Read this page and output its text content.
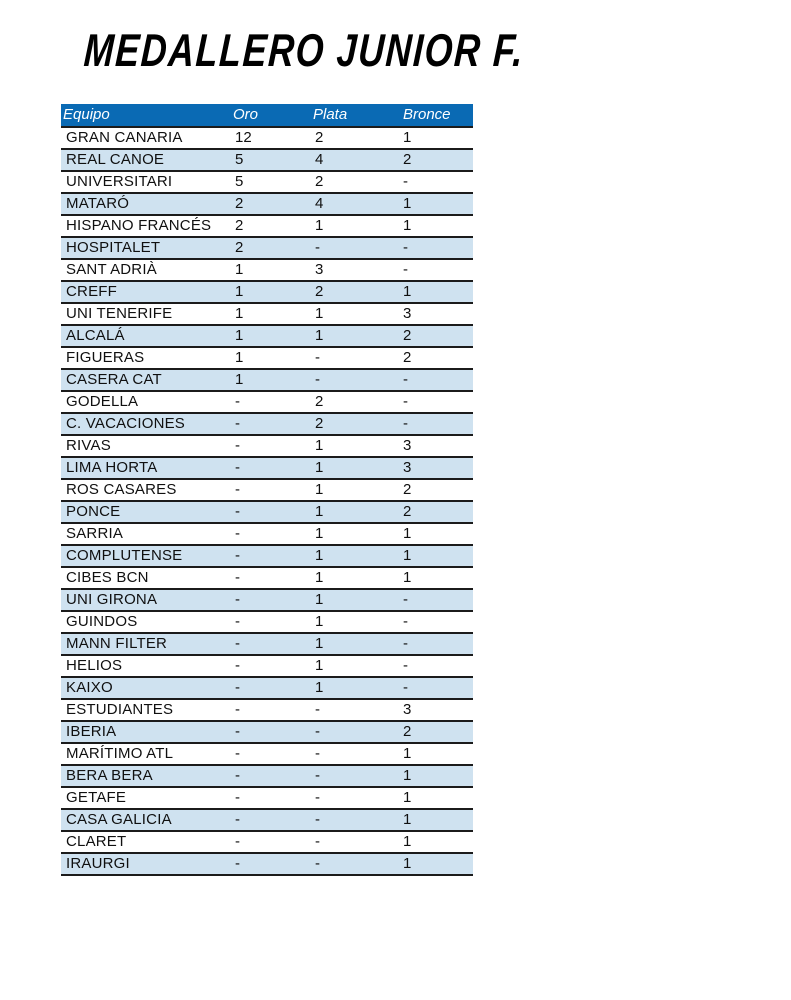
MEDALLERO JUNIOR F.
Equipo	Oro	Plata	Bronce
GRAN CANARIA	12	2	1
REAL CANOE	5	4	2
UNIVERSITARI	5	2	-
MATARÓ	2	4	1
HISPANO FRANCÉS	2	1	1
HOSPITALET	2	-	-
SANT ADRIÀ	1	3	-
CREFF	1	2	1
UNI TENERIFE	1	1	3
ALCALÁ	1	1	2
FIGUERAS	1	-	2
CASERA CAT	1	-	-
GODELLA	-	2	-
C. VACACIONES	-	2	-
RIVAS	-	1	3
LIMA HORTA	-	1	3
ROS CASARES	-	1	2
PONCE	-	1	2
SARRIA	-	1	1
COMPLUTENSE	-	1	1
CIBES BCN	-	1	1
UNI GIRONA	-	1	-
GUINDOS	-	1	-
MANN FILTER	-	1	-
HELIOS	-	1	-
KAIXO	-	1	-
ESTUDIANTES	-	-	3
IBERIA	-	-	2
MARÍTIMO ATL	-	-	1
BERA BERA	-	-	1
GETAFE	-	-	1
CASA GALICIA	-	-	1
CLARET	-	-	1
IRAURGI	-	-	1
